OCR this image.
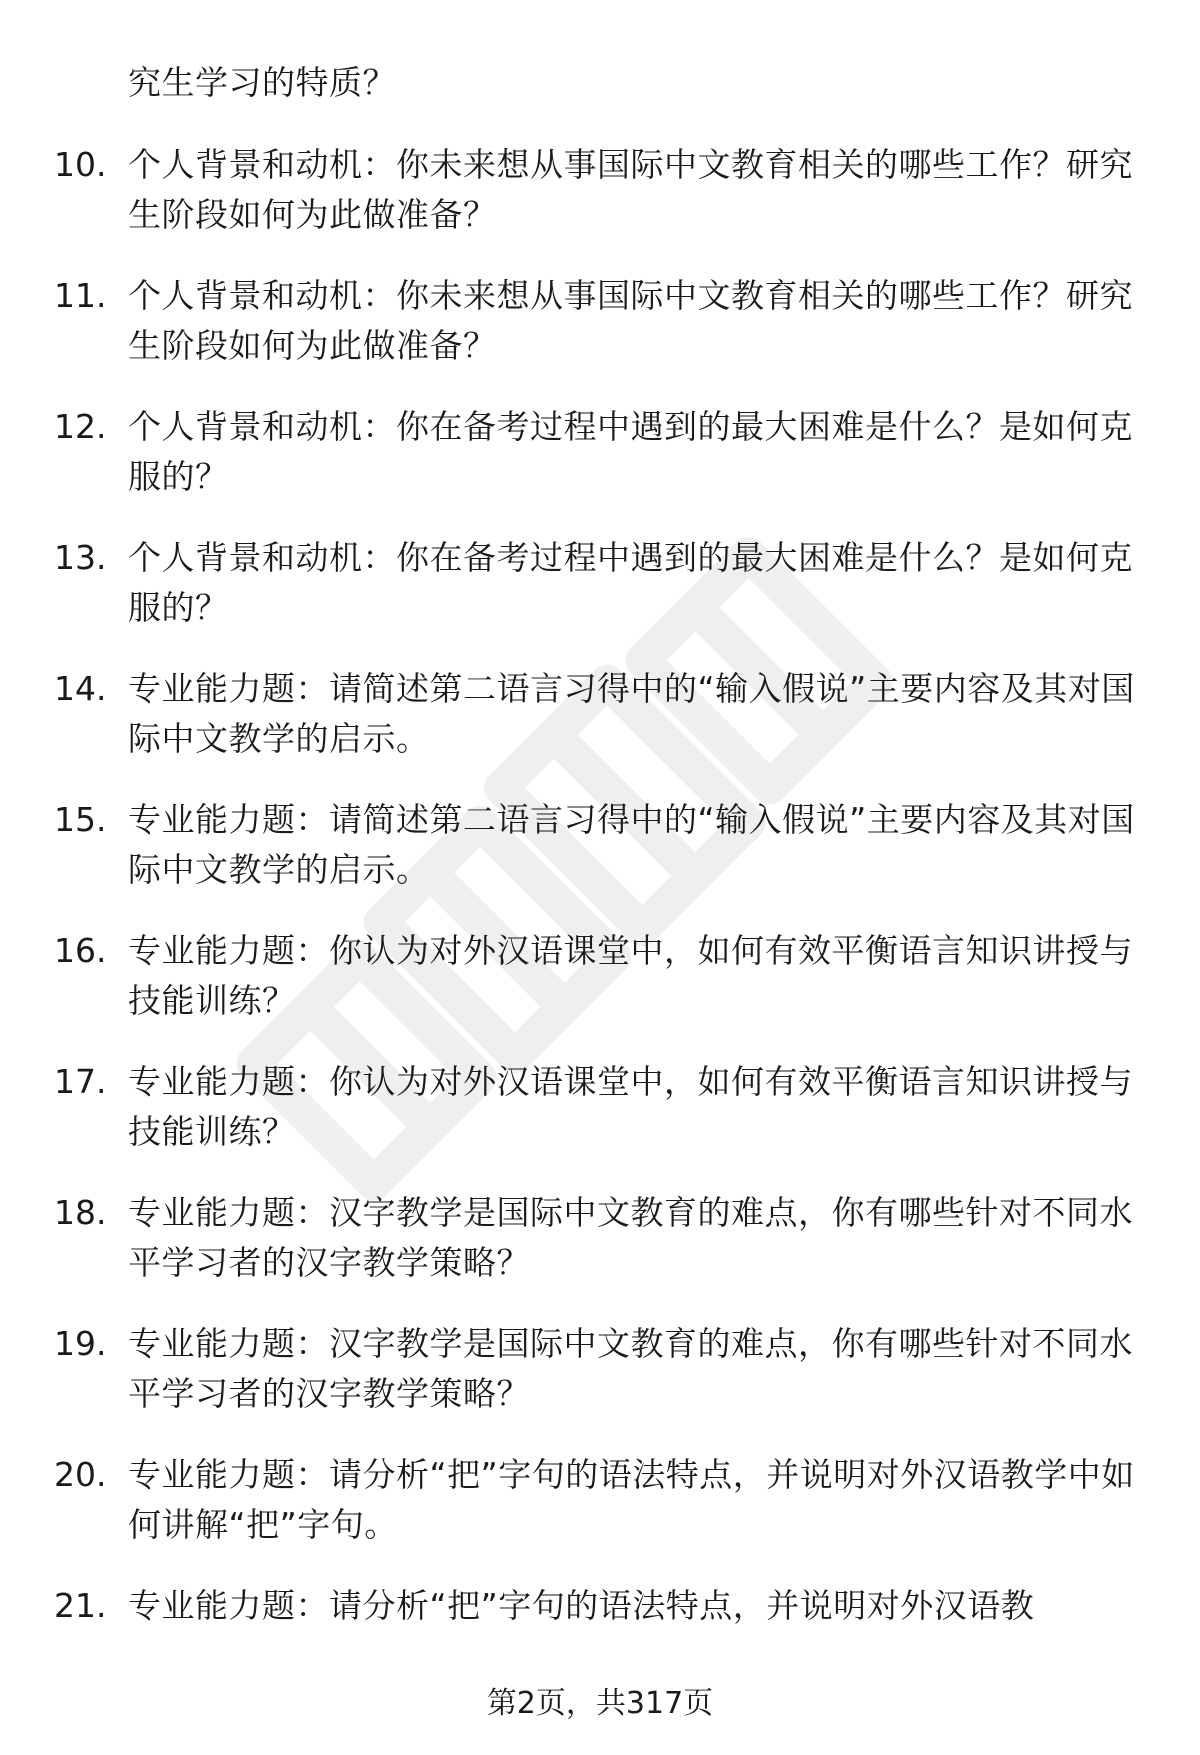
究生学习的特质？
10. 个人背景和动机：你未来想从事国际中文教育相关的哪些工作？研究生阶段如何为此做准备？
11. 个人背景和动机：你未来想从事国际中文教育相关的哪些工作？研究生阶段如何为此做准备？
12. 个人背景和动机：你在备考过程中遇到的最大困难是什么？是如何克服的？
13. 个人背景和动机：你在备考过程中遇到的最大困难是什么？是如何克服的？
14. 专业能力题：请简述第二语言习得中的“输入假说”主要内容及其对国际中文教学的启示。
15. 专业能力题：请简述第二语言习得中的“输入假说”主要内容及其对国际中文教学的启示。
16. 专业能力题：你认为对外汉语课堂中，如何有效平衡语言知识讲授与技能训练？
17. 专业能力题：你认为对外汉语课堂中，如何有效平衡语言知识讲授与技能训练？
18. 专业能力题：汉字教学是国际中文教育的难点，你有哪些针对不同水平学习者的汉字教学策略？
19. 专业能力题：汉字教学是国际中文教育的难点，你有哪些针对不同水平学习者的汉字教学策略？
20. 专业能力题：请分析“把”字句的语法特点，并说明对外汉语教学中如何讲解“把”字句。
21. 专业能力题：请分析“把”字句的语法特点，并说明对外汉语教
第2页，共317页
